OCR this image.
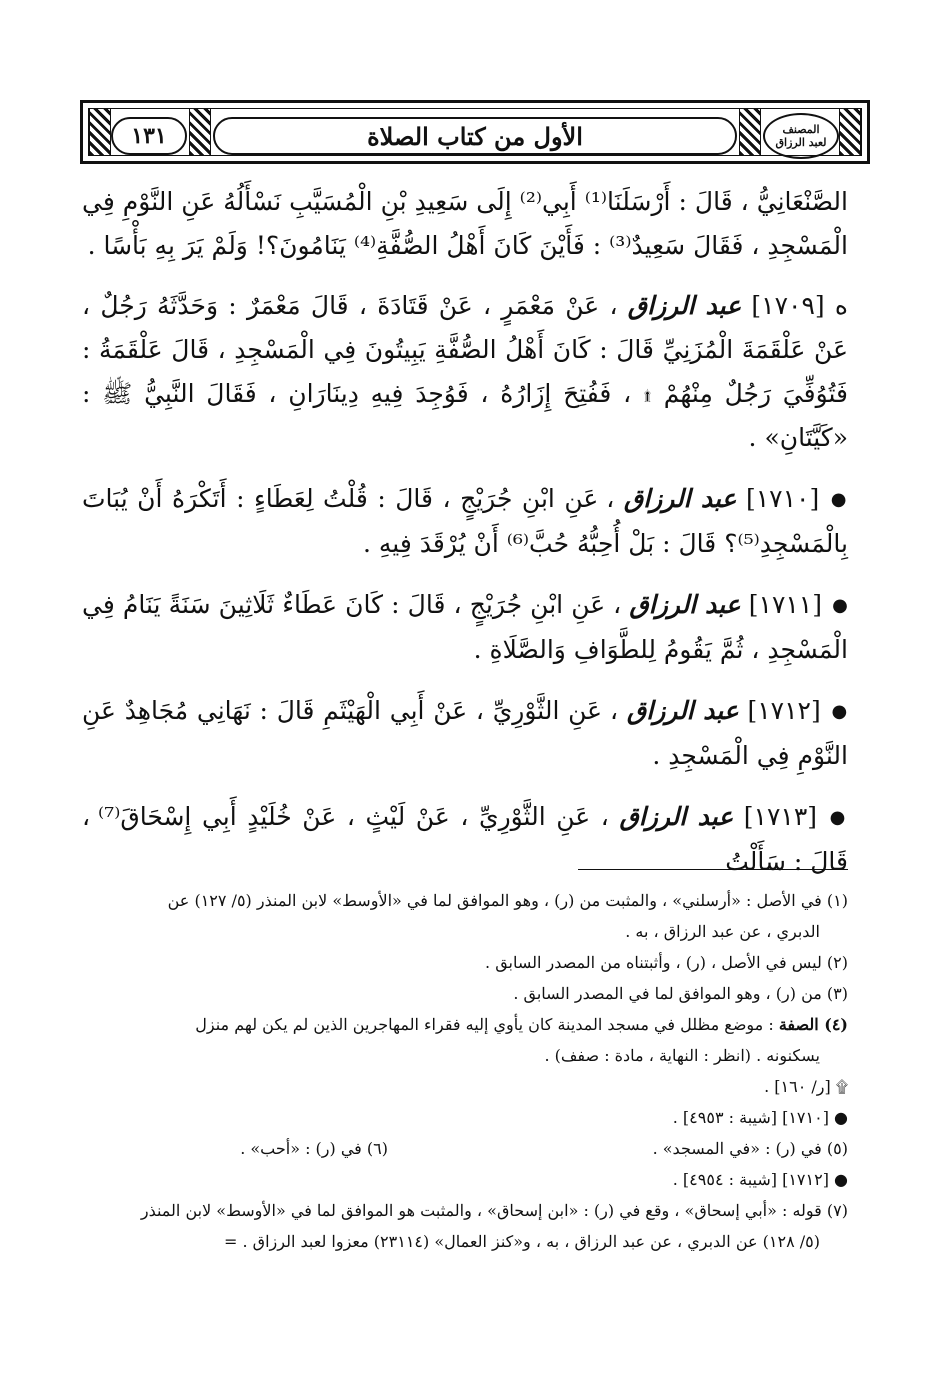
١٣١	الأول من كتاب الصلاة	المصنف
لعبد الرزاق

الصَّنْعَانِيُّ ، قَالَ : أَرْسَلَنَا⁽¹⁾ أَبِي⁽²⁾ إِلَى سَعِيدِ بْنِ الْمُسَيَّبِ نَسْأَلُهُ عَنِ النَّوْمِ فِي الْمَسْجِدِ ، فَقَالَ سَعِيدٌ⁽³⁾ : فَأَيْنَ كَانَ أَهْلُ الصُّفَّةِ⁽⁴⁾ يَنَامُونَ؟! وَلَمْ يَرَ بِهِ بَأْسًا .

ه [١٧٠٩] عبد الرزاق ، عَنْ مَعْمَرٍ ، عَنْ قَتَادَةَ ، قَالَ مَعْمَرٌ : وَحَدَّثَهُ رَجُلٌ ، عَنْ عَلْقَمَةَ الْمُزَنِيِّ قَالَ : كَانَ أَهْلُ الصُّفَّةِ يَبِيتُونَ فِي الْمَسْجِدِ ، قَالَ عَلْقَمَةُ : فَتُوُفِّيَ رَجُلٌ مِنْهُمْ ۩ ، فَفُتِحَ إِزَارُهُ ، فَوُجِدَ فِيهِ دِينَارَانِ ، فَقَالَ النَّبِيُّ ﷺ : «كَيَّتَانِ» .

● [١٧١٠] عبد الرزاق ، عَنِ ابْنِ جُرَيْجٍ ، قَالَ : قُلْتُ لِعَطَاءٍ : أَتَكْرَهُ أَنْ يُبَاتَ بِالْمَسْجِدِ⁽⁵⁾؟ قَالَ : بَلْ أُحِبُّهُ حُبَّ⁽⁶⁾ أَنْ يُرْقَدَ فِيهِ .

● [١٧١١] عبد الرزاق ، عَنِ ابْنِ جُرَيْجٍ ، قَالَ : كَانَ عَطَاءٌ ثَلَاثِينَ سَنَةً يَنَامُ فِي الْمَسْجِدِ ، ثُمَّ يَقُومُ لِلطَّوَافِ وَالصَّلَاةِ .

● [١٧١٢] عبد الرزاق ، عَنِ الثَّوْرِيِّ ، عَنْ أَبِي الْهَيْثَمِ قَالَ : نَهَانِي مُجَاهِدٌ عَنِ النَّوْمِ فِي الْمَسْجِدِ .

● [١٧١٣] عبد الرزاق ، عَنِ الثَّوْرِيِّ ، عَنْ لَيْثٍ ، عَنْ خُلَيْدٍ أَبِي إِسْحَاقَ⁽⁷⁾ ، قَالَ : سَأَلْتُ

(١) في الأصل : «أرسلني» ، والمثبت من (ر) ، وهو الموافق لما في «الأوسط» لابن المنذر (٥/ ١٢٧) عن
الدبري ، عن عبد الرزاق ، به .

(٢) ليس في الأصل ، (ر) ، وأثبتناه من المصدر السابق .

(٣) من (ر) ، وهو الموافق لما في المصدر السابق .

(٤) الصفة : موضع مظلل في مسجد المدينة كان يأوي إليه فقراء المهاجرين الذين لم يكن لهم منزل
يسكنونه . (انظر : النهاية ، مادة : صفف) .

۩ [ر/ ١٦٠] .

● [١٧١٠] [شيبة : ٤٩٥٣] .

(٥) في (ر) : «في المسجد» .
(٦) في (ر) : «أحب» .

● [١٧١٢] [شيبة : ٤٩٥٤] .

(٧) قوله : «أبي إسحاق» ، وقع في (ر) : «ابن إسحاق» ، والمثبت هو الموافق لما في «الأوسط» لابن المنذر
(٥/ ١٢٨) عن الدبري ، عن عبد الرزاق ، به ، و«كنز العمال» (٢٣١١٤) معزوا لعبد الرزاق . =
